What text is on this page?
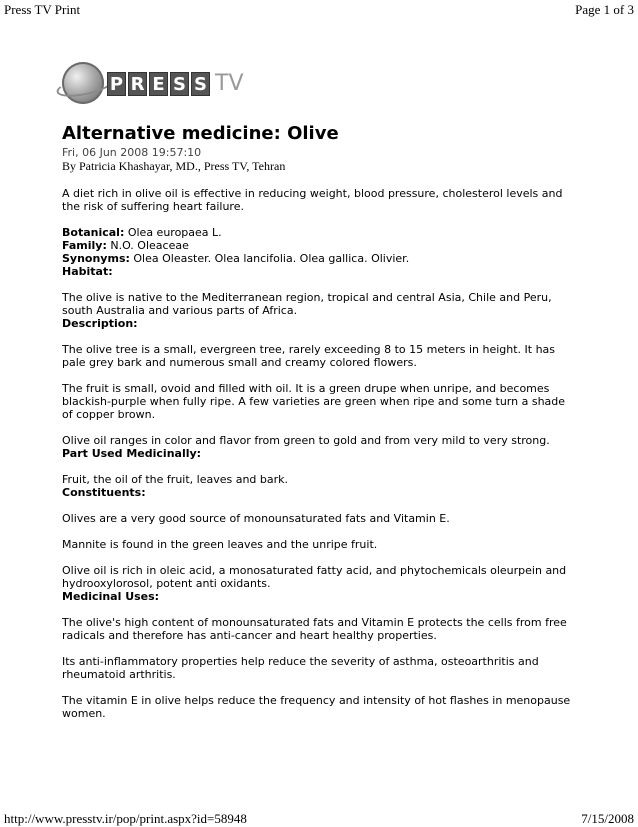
Press TV Print	Page 1 of 3
P R E S S TV
Alternative medicine: Olive
Fri, 06 Jun 2008 19:57:10
By Patricia Khashayar, MD., Press TV, Tehran

A diet rich in olive oil is effective in reducing weight, blood pressure, cholesterol levels and the risk of suffering heart failure.

Botanical: Olea europaea L.

Family: N.O. Oleaceae

Synonyms: Olea Oleaster. Olea lancifolia. Olea gallica. Olivier.

Habitat:

The olive is native to the Mediterranean region, tropical and central Asia, Chile and Peru, south Australia and various parts of Africa.

Description:

The olive tree is a small, evergreen tree, rarely exceeding 8 to 15 meters in height. It has pale grey bark and numerous small and creamy colored flowers.

The fruit is small, ovoid and filled with oil. It is a green drupe when unripe, and becomes blackish-purple when fully ripe. A few varieties are green when ripe and some turn a shade of copper brown.

Olive oil ranges in color and flavor from green to gold and from very mild to very strong.

Part Used Medicinally:

Fruit, the oil of the fruit, leaves and bark.

Constituents:

Olives are a very good source of monounsaturated fats and Vitamin E.

Mannite is found in the green leaves and the unripe fruit.

Olive oil is rich in oleic acid, a monosaturated fatty acid, and phytochemicals oleurpein and hydrooxylorosol, potent anti oxidants.

Medicinal Uses:

The olive's high content of monounsaturated fats and Vitamin E protects the cells from free radicals and therefore has anti-cancer and heart healthy properties.

Its anti-inflammatory properties help reduce the severity of asthma, osteoarthritis and rheumatoid arthritis.

The vitamin E in olive helps reduce the frequency and intensity of hot flashes in menopause women.

http://www.presstv.ir/pop/print.aspx?id=58948	7/15/2008
